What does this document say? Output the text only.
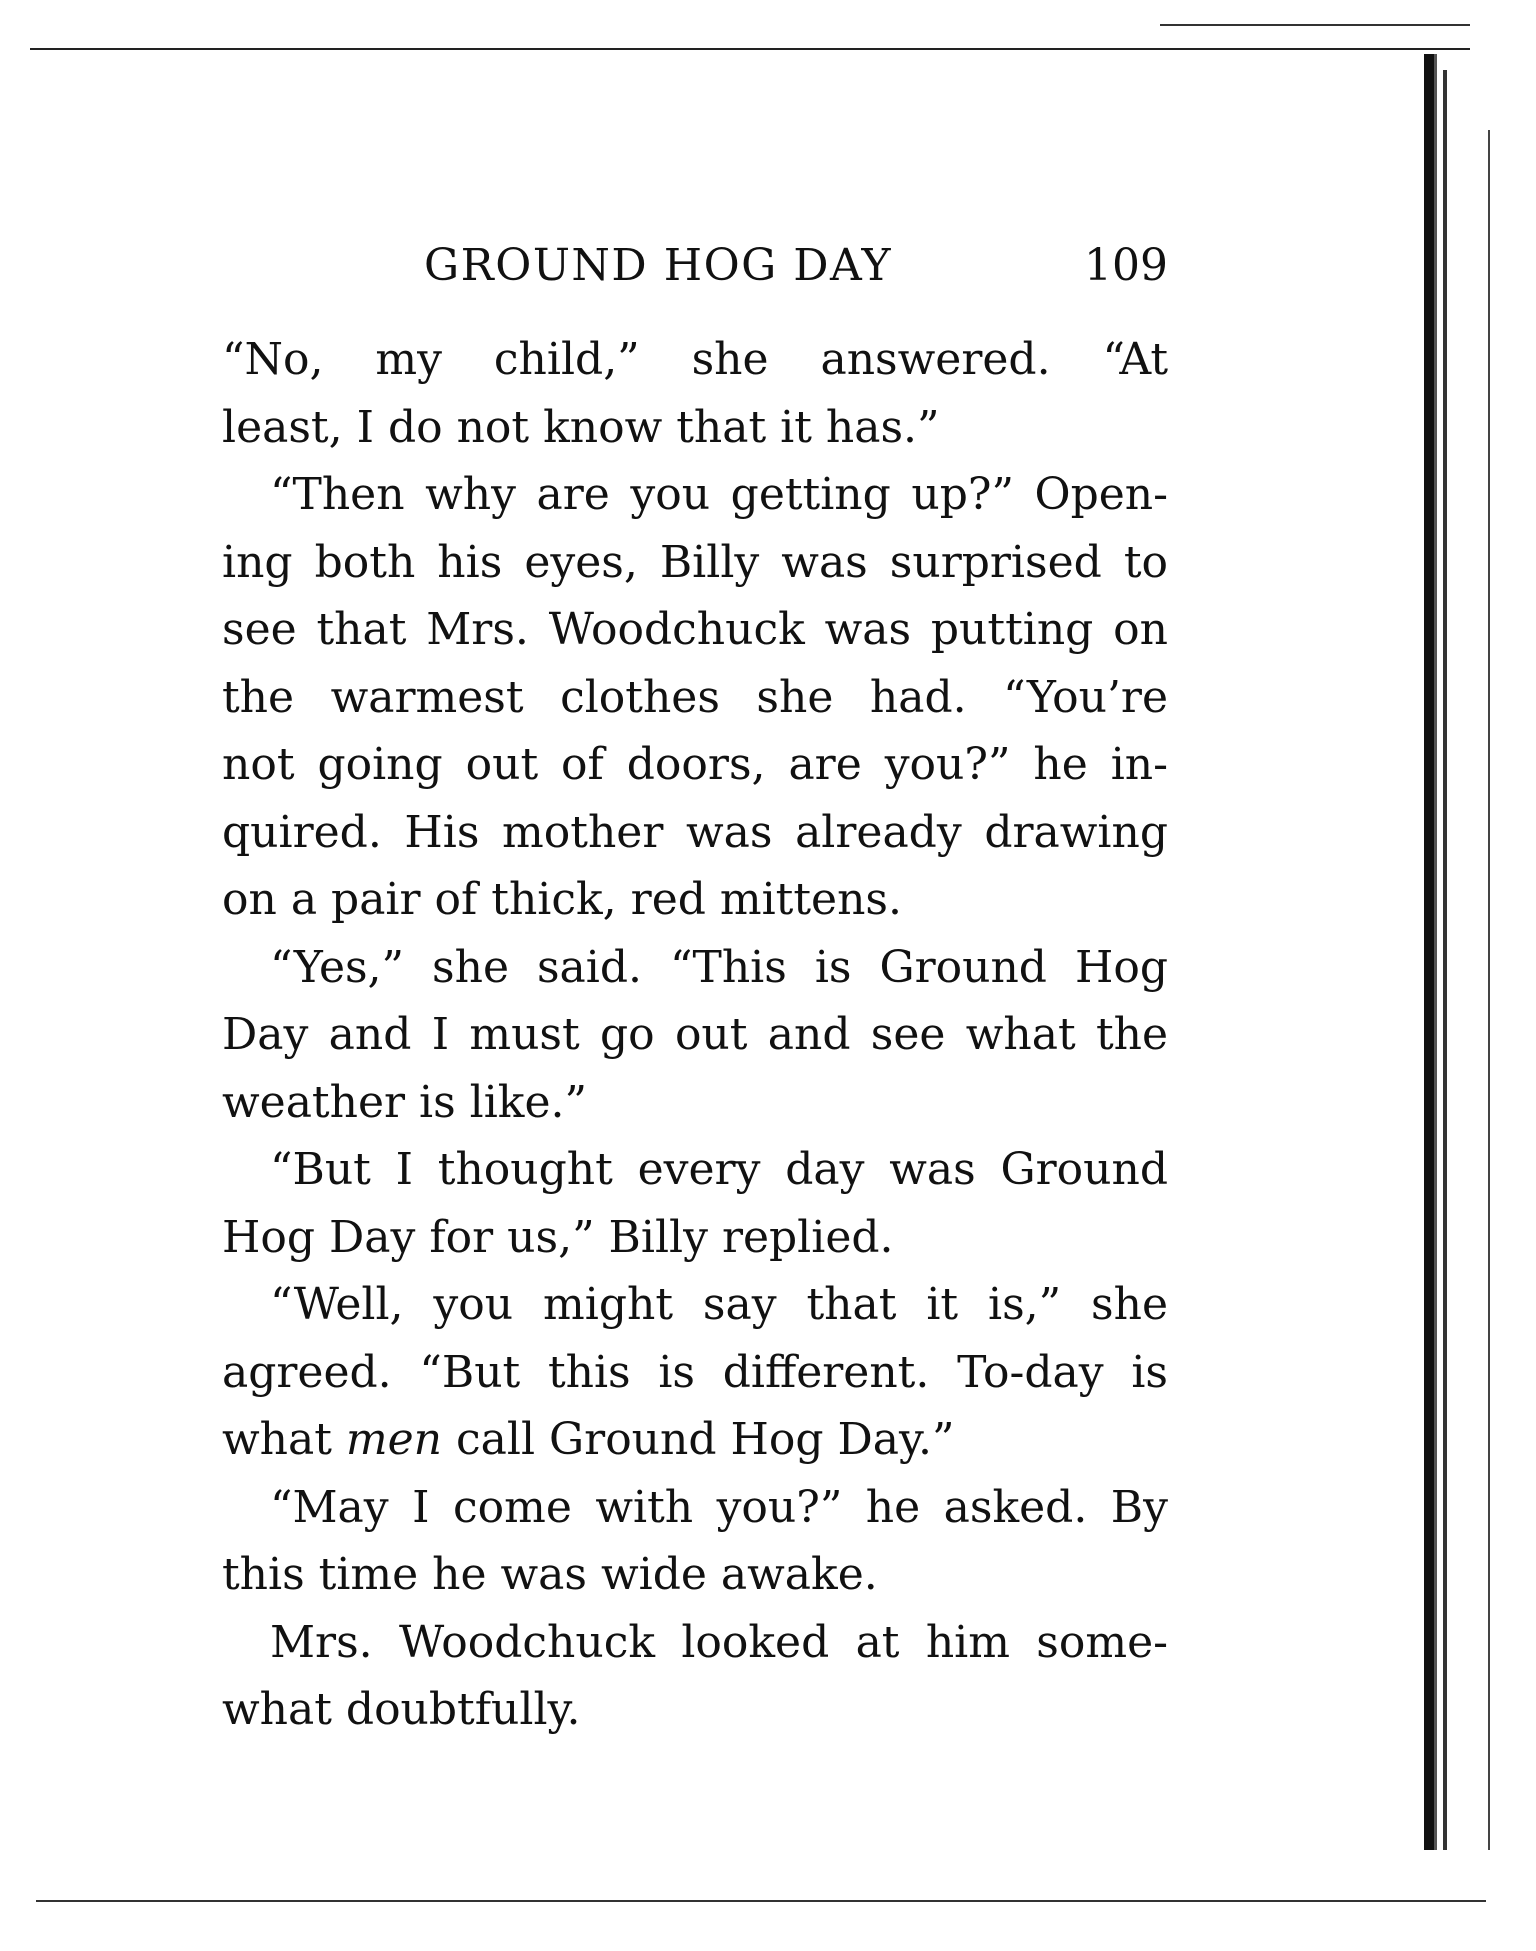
GROUND HOG DAY	109
“No, my child,” she answered. “At
least, I do not know that it has.”
“Then why are you getting up?” Open-
ing both his eyes, Billy was surprised to
see that Mrs. Woodchuck was putting on
the warmest clothes she had. “You’re
not going out of doors, are you?” he in-
quired. His mother was already drawing
on a pair of thick, red mittens.
“Yes,” she said. “This is Ground Hog
Day and I must go out and see what the
weather is like.”
“But I thought every day was Ground
Hog Day for us,” Billy replied.
“Well, you might say that it is,” she
agreed. “But this is different. To-day is
what men call Ground Hog Day.”
“May I come with you?” he asked. By
this time he was wide awake.
Mrs. Woodchuck looked at him some-
what doubtfully.
